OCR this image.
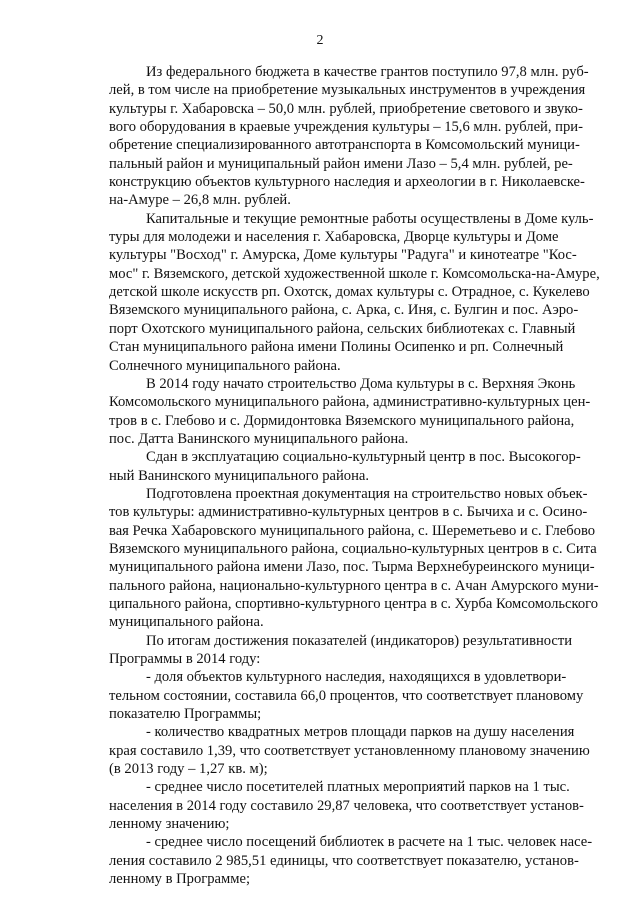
2
Из федерального бюджета в качестве грантов поступило 97,8 млн. руб-
лей, в том числе на приобретение музыкальных инструментов в учреждения
культуры г. Хабаровска – 50,0 млн. рублей, приобретение светового и звуко-
вого оборудования в краевые учреждения культуры – 15,6 млн. рублей, при-
обретение специализированного автотранспорта в Комсомольский муници-
пальный район и муниципальный район имени Лазо – 5,4 млн. рублей, ре-
конструкцию объектов культурного наследия и археологии в г. Николаевске-
на-Амуре – 26,8 млн. рублей.
Капитальные и текущие ремонтные работы осуществлены в Доме куль-
туры для молодежи и населения г. Хабаровска, Дворце культуры и Доме
культуры "Восход" г. Амурска, Доме культуры "Радуга" и кинотеатре "Кос-
мос" г. Вяземского, детской художественной школе г. Комсомольска-на-Амуре,
детской школе искусств рп. Охотск, домах культуры с. Отрадное, с. Кукелево
Вяземского муниципального района, с. Арка, с. Иня, с. Булгин и пос. Аэро-
порт Охотского муниципального района, сельских библиотеках с. Главный
Стан муниципального района имени Полины Осипенко и рп. Солнечный
Солнечного муниципального района.
В 2014 году начато строительство Дома культуры в с. Верхняя Эконь
Комсомольского муниципального района, административно-культурных цен-
тров в с. Глебово и с. Дормидонтовка Вяземского муниципального района,
пос. Датта Ванинского муниципального района.
Сдан в эксплуатацию социально-культурный центр в пос. Высокогор-
ный Ванинского муниципального района.
Подготовлена проектная документация на строительство новых объек-
тов культуры: административно-культурных центров в с. Бычиха и с. Осино-
вая Речка Хабаровского муниципального района, с. Шереметьево и с. Глебово
Вяземского муниципального района, социально-культурных центров в с. Сита
муниципального района имени Лазо, пос. Тырма Верхнебуреинского муници-
пального района, национально-культурного центра в с. Ачан Амурского муни-
ципального района, спортивно-культурного центра в с. Хурба Комсомольского
муниципального района.
По итогам достижения показателей (индикаторов) результативности
Программы в 2014 году:
- доля объектов культурного наследия, находящихся в удовлетвори-
тельном состоянии, составила 66,0 процентов, что соответствует плановому
показателю Программы;
- количество квадратных метров площади парков на душу населения
края составило 1,39, что соответствует установленному плановому значению
(в 2013 году – 1,27 кв. м);
- среднее число посетителей платных мероприятий парков на 1 тыс.
населения в 2014 году составило 29,87 человека, что соответствует установ-
ленному значению;
- среднее число посещений библиотек в расчете на 1 тыс. человек насе-
ления составило 2 985,51 единицы, что соответствует показателю, установ-
ленному в Программе;
